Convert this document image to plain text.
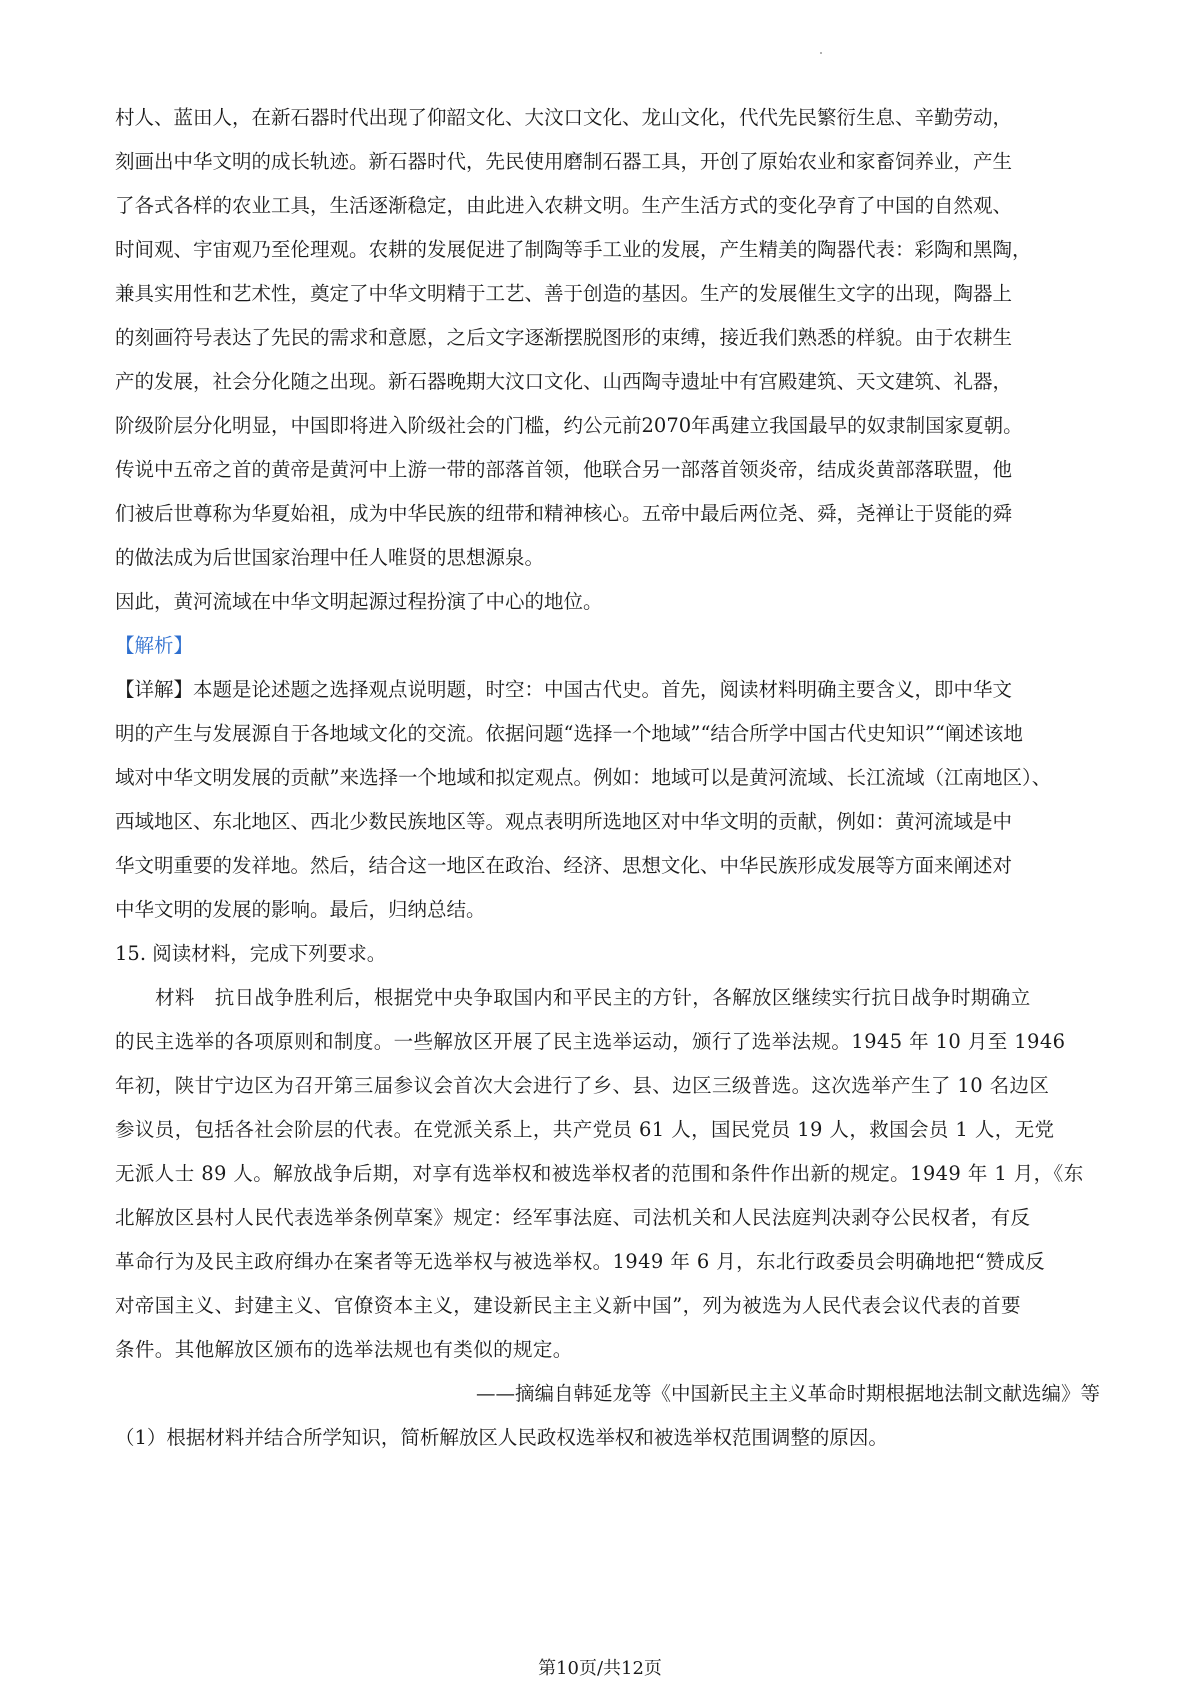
村人、蓝田人，在新石器时代出现了仰韶文化、大汶口文化、龙山文化，代代先民繁衍生息、辛勤劳动，
刻画出中华文明的成长轨迹。新石器时代，先民使用磨制石器工具，开创了原始农业和家畜饲养业，产生
了各式各样的农业工具，生活逐渐稳定，由此进入农耕文明。生产生活方式的变化孕育了中国的自然观、
时间观、宇宙观乃至伦理观。农耕的发展促进了制陶等手工业的发展，产生精美的陶器代表：彩陶和黑陶，
兼具实用性和艺术性，奠定了中华文明精于工艺、善于创造的基因。生产的发展催生文字的出现，陶器上
的刻画符号表达了先民的需求和意愿，之后文字逐渐摆脱图形的束缚，接近我们熟悉的样貌。由于农耕生
产的发展，社会分化随之出现。新石器晚期大汶口文化、山西陶寺遗址中有宫殿建筑、天文建筑、礼器，
阶级阶层分化明显，中国即将进入阶级社会的门槛，约公元前2070年禹建立我国最早的奴隶制国家夏朝。
传说中五帝之首的黄帝是黄河中上游一带的部落首领，他联合另一部落首领炎帝，结成炎黄部落联盟，他
们被后世尊称为华夏始祖，成为中华民族的纽带和精神核心。五帝中最后两位尧、舜，尧禅让于贤能的舜
的做法成为后世国家治理中任人唯贤的思想源泉。
因此，黄河流域在中华文明起源过程扮演了中心的地位。
【解析】
【详解】本题是论述题之选择观点说明题，时空：中国古代史。首先，阅读材料明确主要含义，即中华文
明的产生与发展源自于各地域文化的交流。依据问题“选择一个地域”“结合所学中国古代史知识”“阐述该地
域对中华文明发展的贡献”来选择一个地域和拟定观点。例如：地域可以是黄河流域、长江流域（江南地区）、
西域地区、东北地区、西北少数民族地区等。观点表明所选地区对中华文明的贡献，例如：黄河流域是中
华文明重要的发祥地。然后，结合这一地区在政治、经济、思想文化、中华民族形成发展等方面来阐述对
中华文明的发展的影响。最后，归纳总结。
15. 阅读材料，完成下列要求。
材料　抗日战争胜利后，根据党中央争取国内和平民主的方针，各解放区继续实行抗日战争时期确立
的民主选举的各项原则和制度。一些解放区开展了民主选举运动，颁行了选举法规。1945 年 10 月至 1946
年初，陕甘宁边区为召开第三届参议会首次大会进行了乡、县、边区三级普选。这次选举产生了 10 名边区
参议员，包括各社会阶层的代表。在党派关系上，共产党员 61 人，国民党员 19 人，救国会员 1 人，无党
无派人士 89 人。解放战争后期，对享有选举权和被选举权者的范围和条件作出新的规定。1949 年 1 月，《东
北解放区县村人民代表选举条例草案》规定：经军事法庭、司法机关和人民法庭判决剥夺公民权者，有反
革命行为及民主政府缉办在案者等无选举权与被选举权。1949 年 6 月，东北行政委员会明确地把“赞成反
对帝国主义、封建主义、官僚资本主义，建设新民主主义新中国”，列为被选为人民代表会议代表的首要
条件。其他解放区颁布的选举法规也有类似的规定。
——摘编自韩延龙等《中国新民主主义革命时期根据地法制文献选编》等
（1）根据材料并结合所学知识，简析解放区人民政权选举权和被选举权范围调整的原因。
第10页/共12页
